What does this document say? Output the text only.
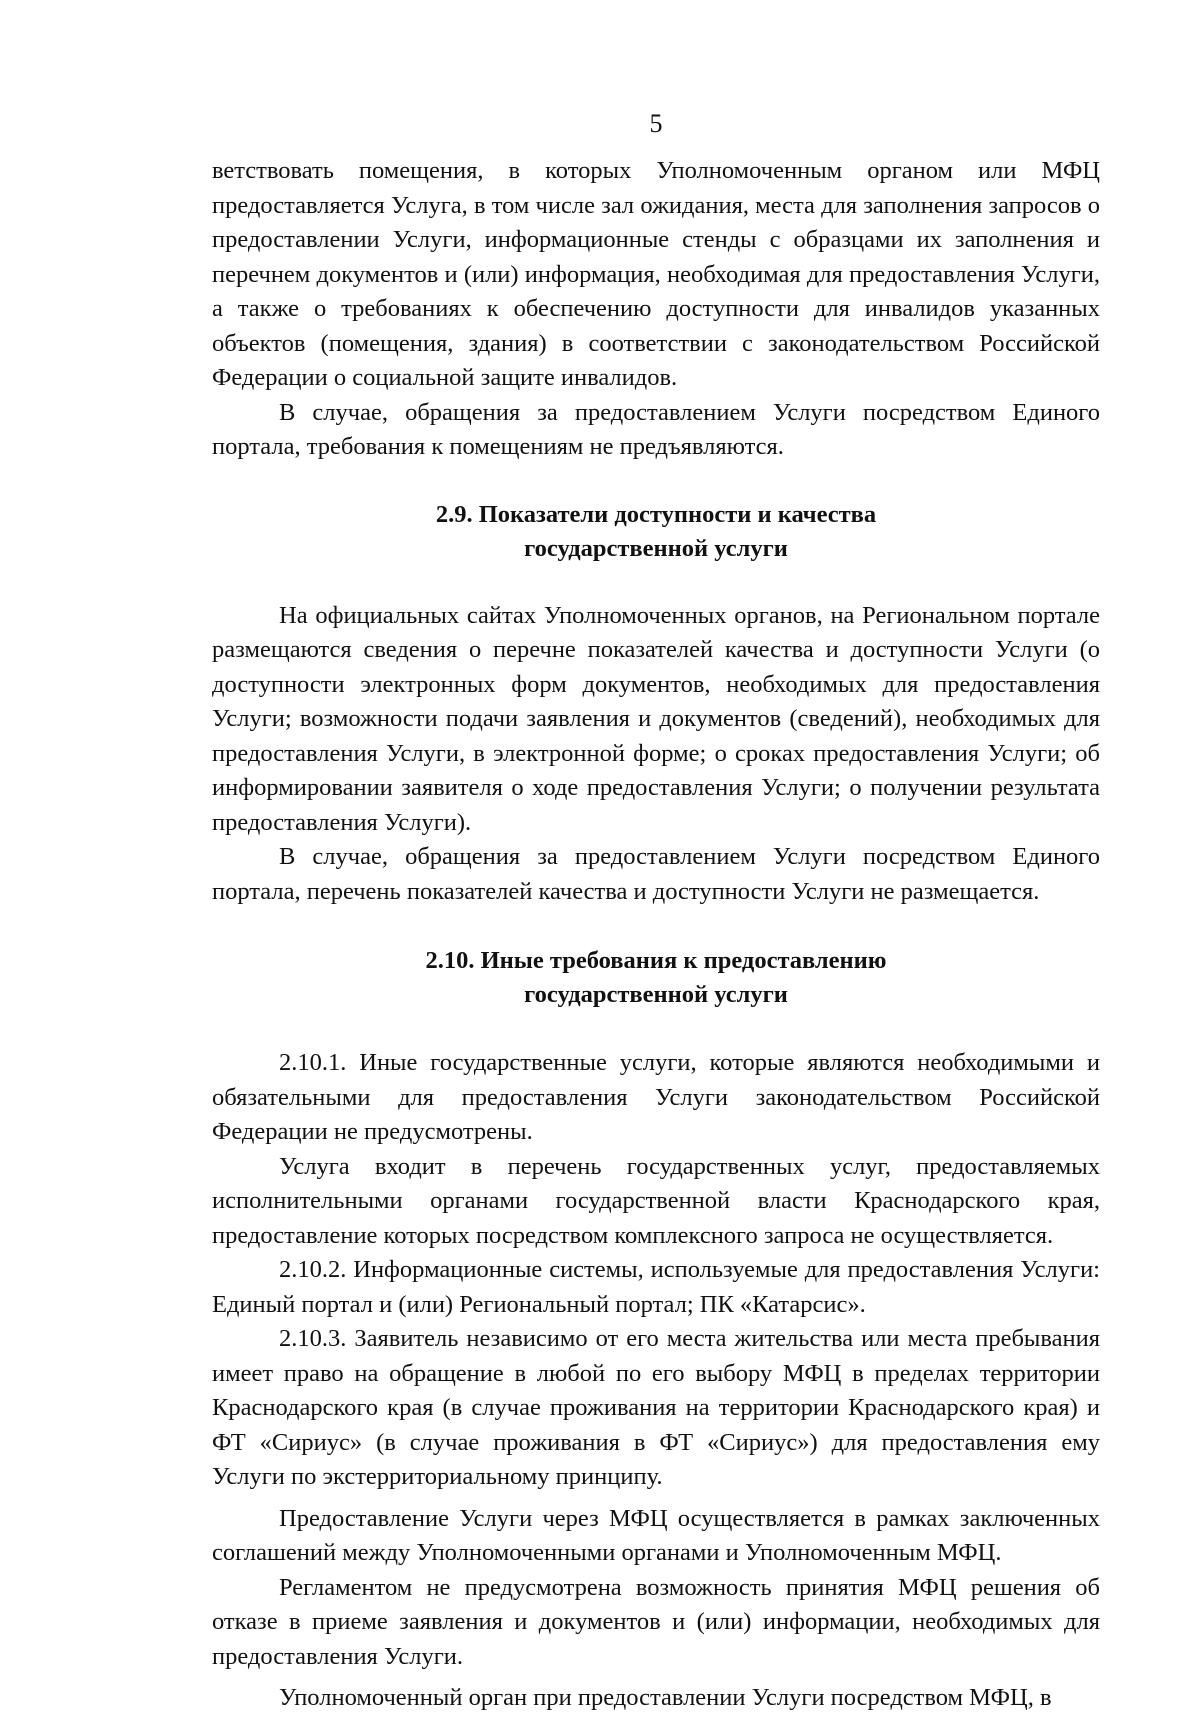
5

ветствовать помещения, в которых Уполномоченным органом или МФЦ предоставляется Услуга, в том числе зал ожидания, места для заполнения запросов о предоставлении Услуги, информационные стенды с образцами их заполнения и перечнем документов и (или) информация, необходимая для предоставления Услуги, а также о требованиях к обеспечению доступности для инвалидов указанных объектов (помещения, здания) в соответствии с законодательством Российской Федерации о социальной защите инвалидов.

В случае, обращения за предоставлением Услуги посредством Единого портала, требования к помещениям не предъявляются.

2.9. Показатели доступности и качества
государственной услуги

На официальных сайтах Уполномоченных органов, на Региональном портале размещаются сведения о перечне показателей качества и доступности Услуги (о доступности электронных форм документов, необходимых для предоставления Услуги; возможности подачи заявления и документов (сведений), необходимых для предоставления Услуги, в электронной форме; о сроках предоставления Услуги; об информировании заявителя о ходе предоставления Услуги; о получении результата предоставления Услуги).

В случае, обращения за предоставлением Услуги посредством Единого портала, перечень показателей качества и доступности Услуги не размещается.

2.10. Иные требования к предоставлению
государственной услуги

2.10.1. Иные государственные услуги, которые являются необходимыми и обязательными для предоставления Услуги законодательством Российской Федерации не предусмотрены.

Услуга входит в перечень государственных услуг, предоставляемых исполнительными органами государственной власти Краснодарского края, предоставление которых посредством комплексного запроса не осуществляется.

2.10.2. Информационные системы, используемые для предоставления Услуги: Единый портал и (или) Региональный портал; ПК «Катарсис».

2.10.3. Заявитель независимо от его места жительства или места пребывания имеет право на обращение в любой по его выбору МФЦ в пределах территории Краснодарского края (в случае проживания на территории Краснодарского края) и ФТ «Сириус» (в случае проживания в ФТ «Сириус») для предоставления ему Услуги по экстерриториальному принципу.

Предоставление Услуги через МФЦ осуществляется в рамках заключенных соглашений между Уполномоченными органами и Уполномоченным МФЦ.

Регламентом не предусмотрена возможность принятия МФЦ решения об отказе в приеме заявления и документов и (или) информации, необходимых для предоставления Услуги.

Уполномоченный орган при предоставлении Услуги посредством МФЦ, в
